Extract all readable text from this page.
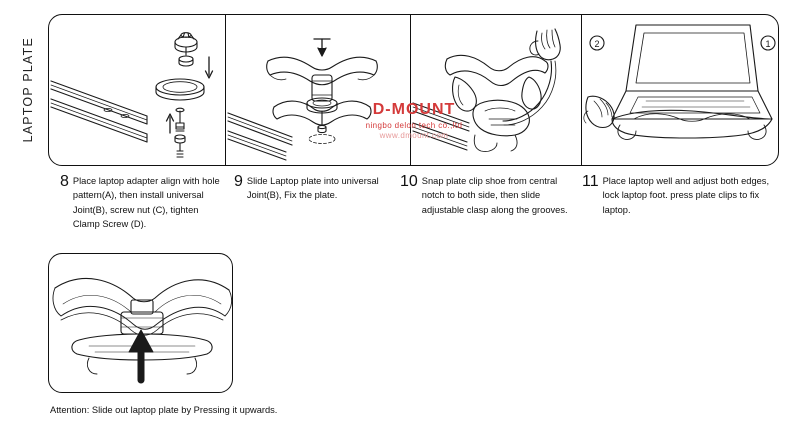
LAPTOP PLATE	2	1
D-MOUNT
ningbo delon tech co.,ltd
www.dmount.com
8 Place laptop adapter align with hole pattern(A), then install universal Joint(B), screw nut (C), tighten Clamp Screw (D).
9 Slide Laptop plate into universal Joint(B), Fix the plate.
10 Snap plate clip shoe from central notch to both side, then slide adjustable clasp along the grooves.
11 Place laptop well and adjust both edges, lock laptop foot. press plate clips to fix laptop.
Attention: Slide out laptop plate by Pressing it upwards.
